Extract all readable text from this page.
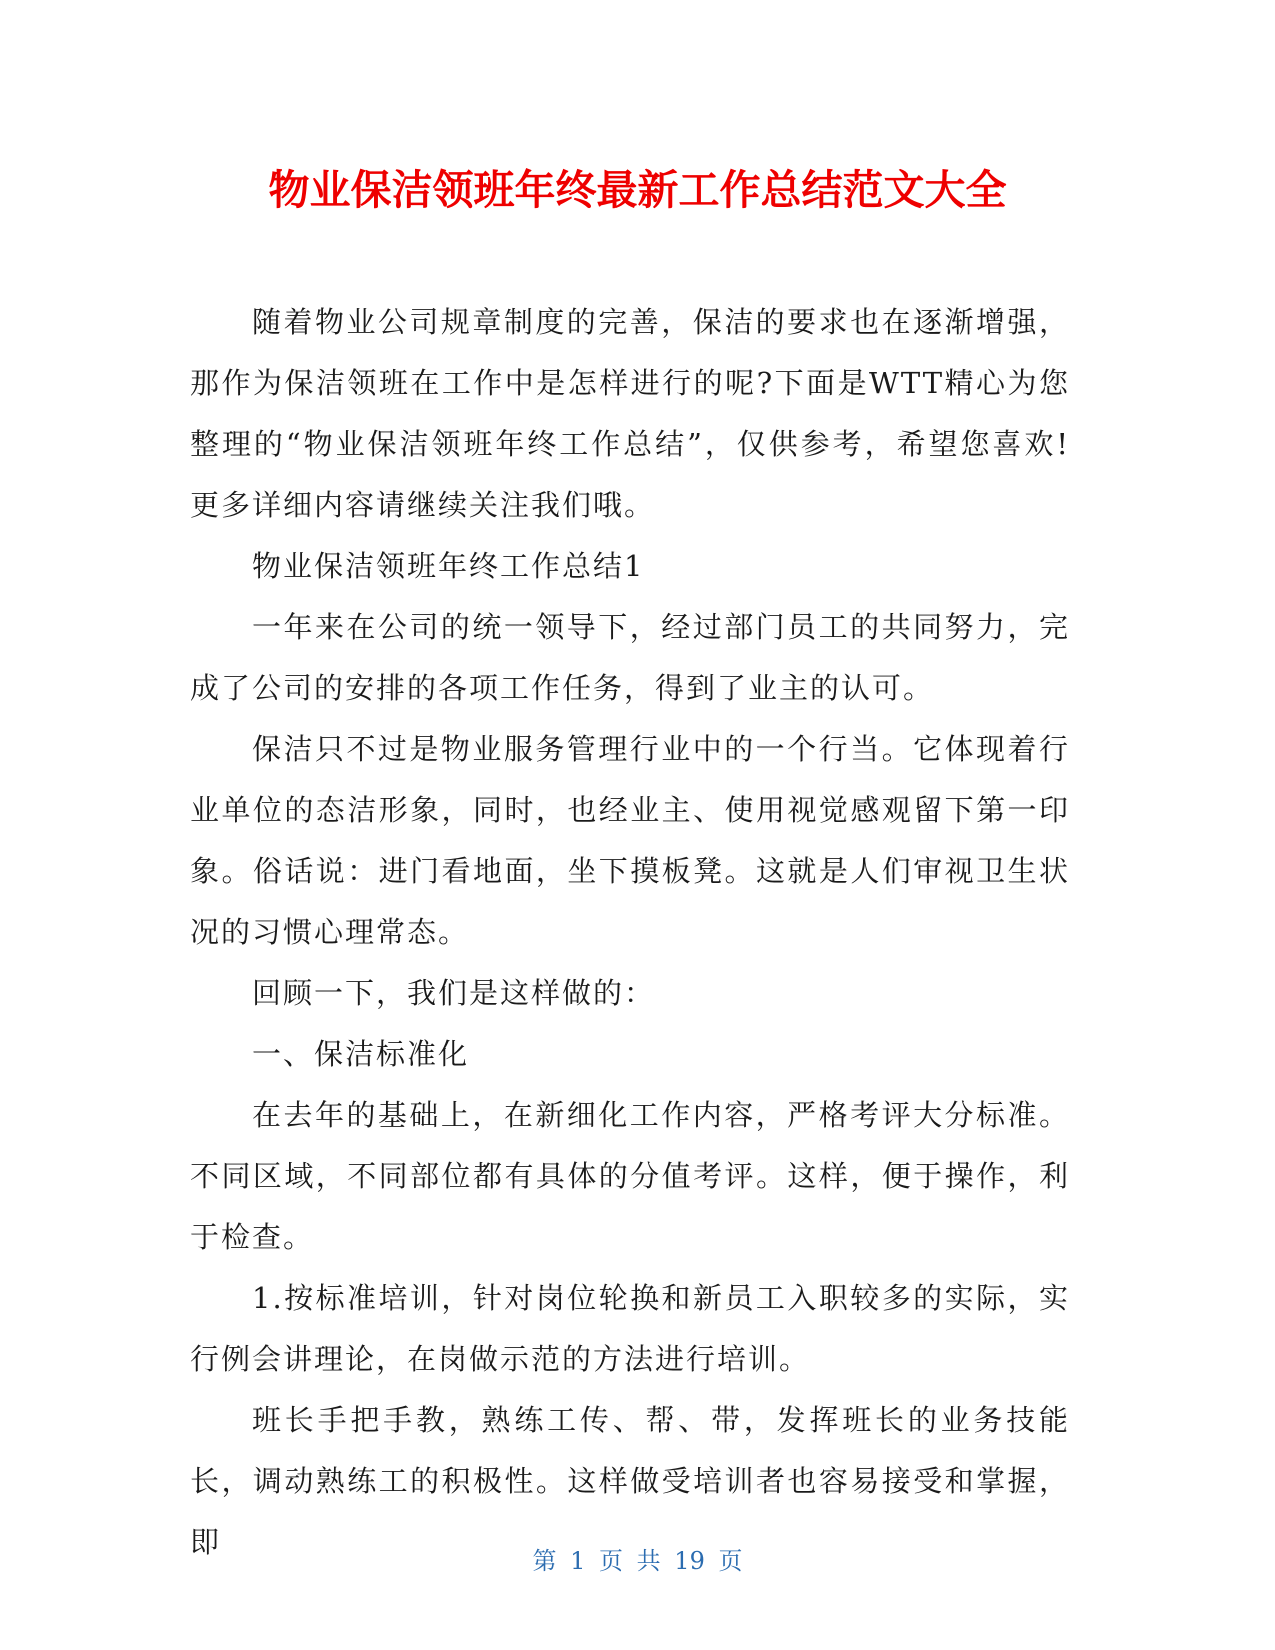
物业保洁领班年终最新工作总结范文大全

随着物业公司规章制度的完善，保洁的要求也在逐渐增强，那作为保洁领班在工作中是怎样进行的呢?下面是WTT精心为您整理的“物业保洁领班年终工作总结”，仅供参考，希望您喜欢!更多详细内容请继续关注我们哦。

物业保洁领班年终工作总结1

一年来在公司的统一领导下，经过部门员工的共同努力，完成了公司的安排的各项工作任务，得到了业主的认可。

保洁只不过是物业服务管理行业中的一个行当。它体现着行业单位的态洁形象，同时，也经业主、使用视觉感观留下第一印象。俗话说：进门看地面，坐下摸板凳。这就是人们审视卫生状况的习惯心理常态。

回顾一下，我们是这样做的：

一、保洁标准化

在去年的基础上，在新细化工作内容，严格考评大分标准。不同区域，不同部位都有具体的分值考评。这样，便于操作，利于检查。

1.按标准培训，针对岗位轮换和新员工入职较多的实际，实行例会讲理论，在岗做示范的方法进行培训。

班长手把手教，熟练工传、帮、带，发挥班长的业务技能长，调动熟练工的积极性。这样做受培训者也容易接受和掌握，即

第 1 页 共 19 页
